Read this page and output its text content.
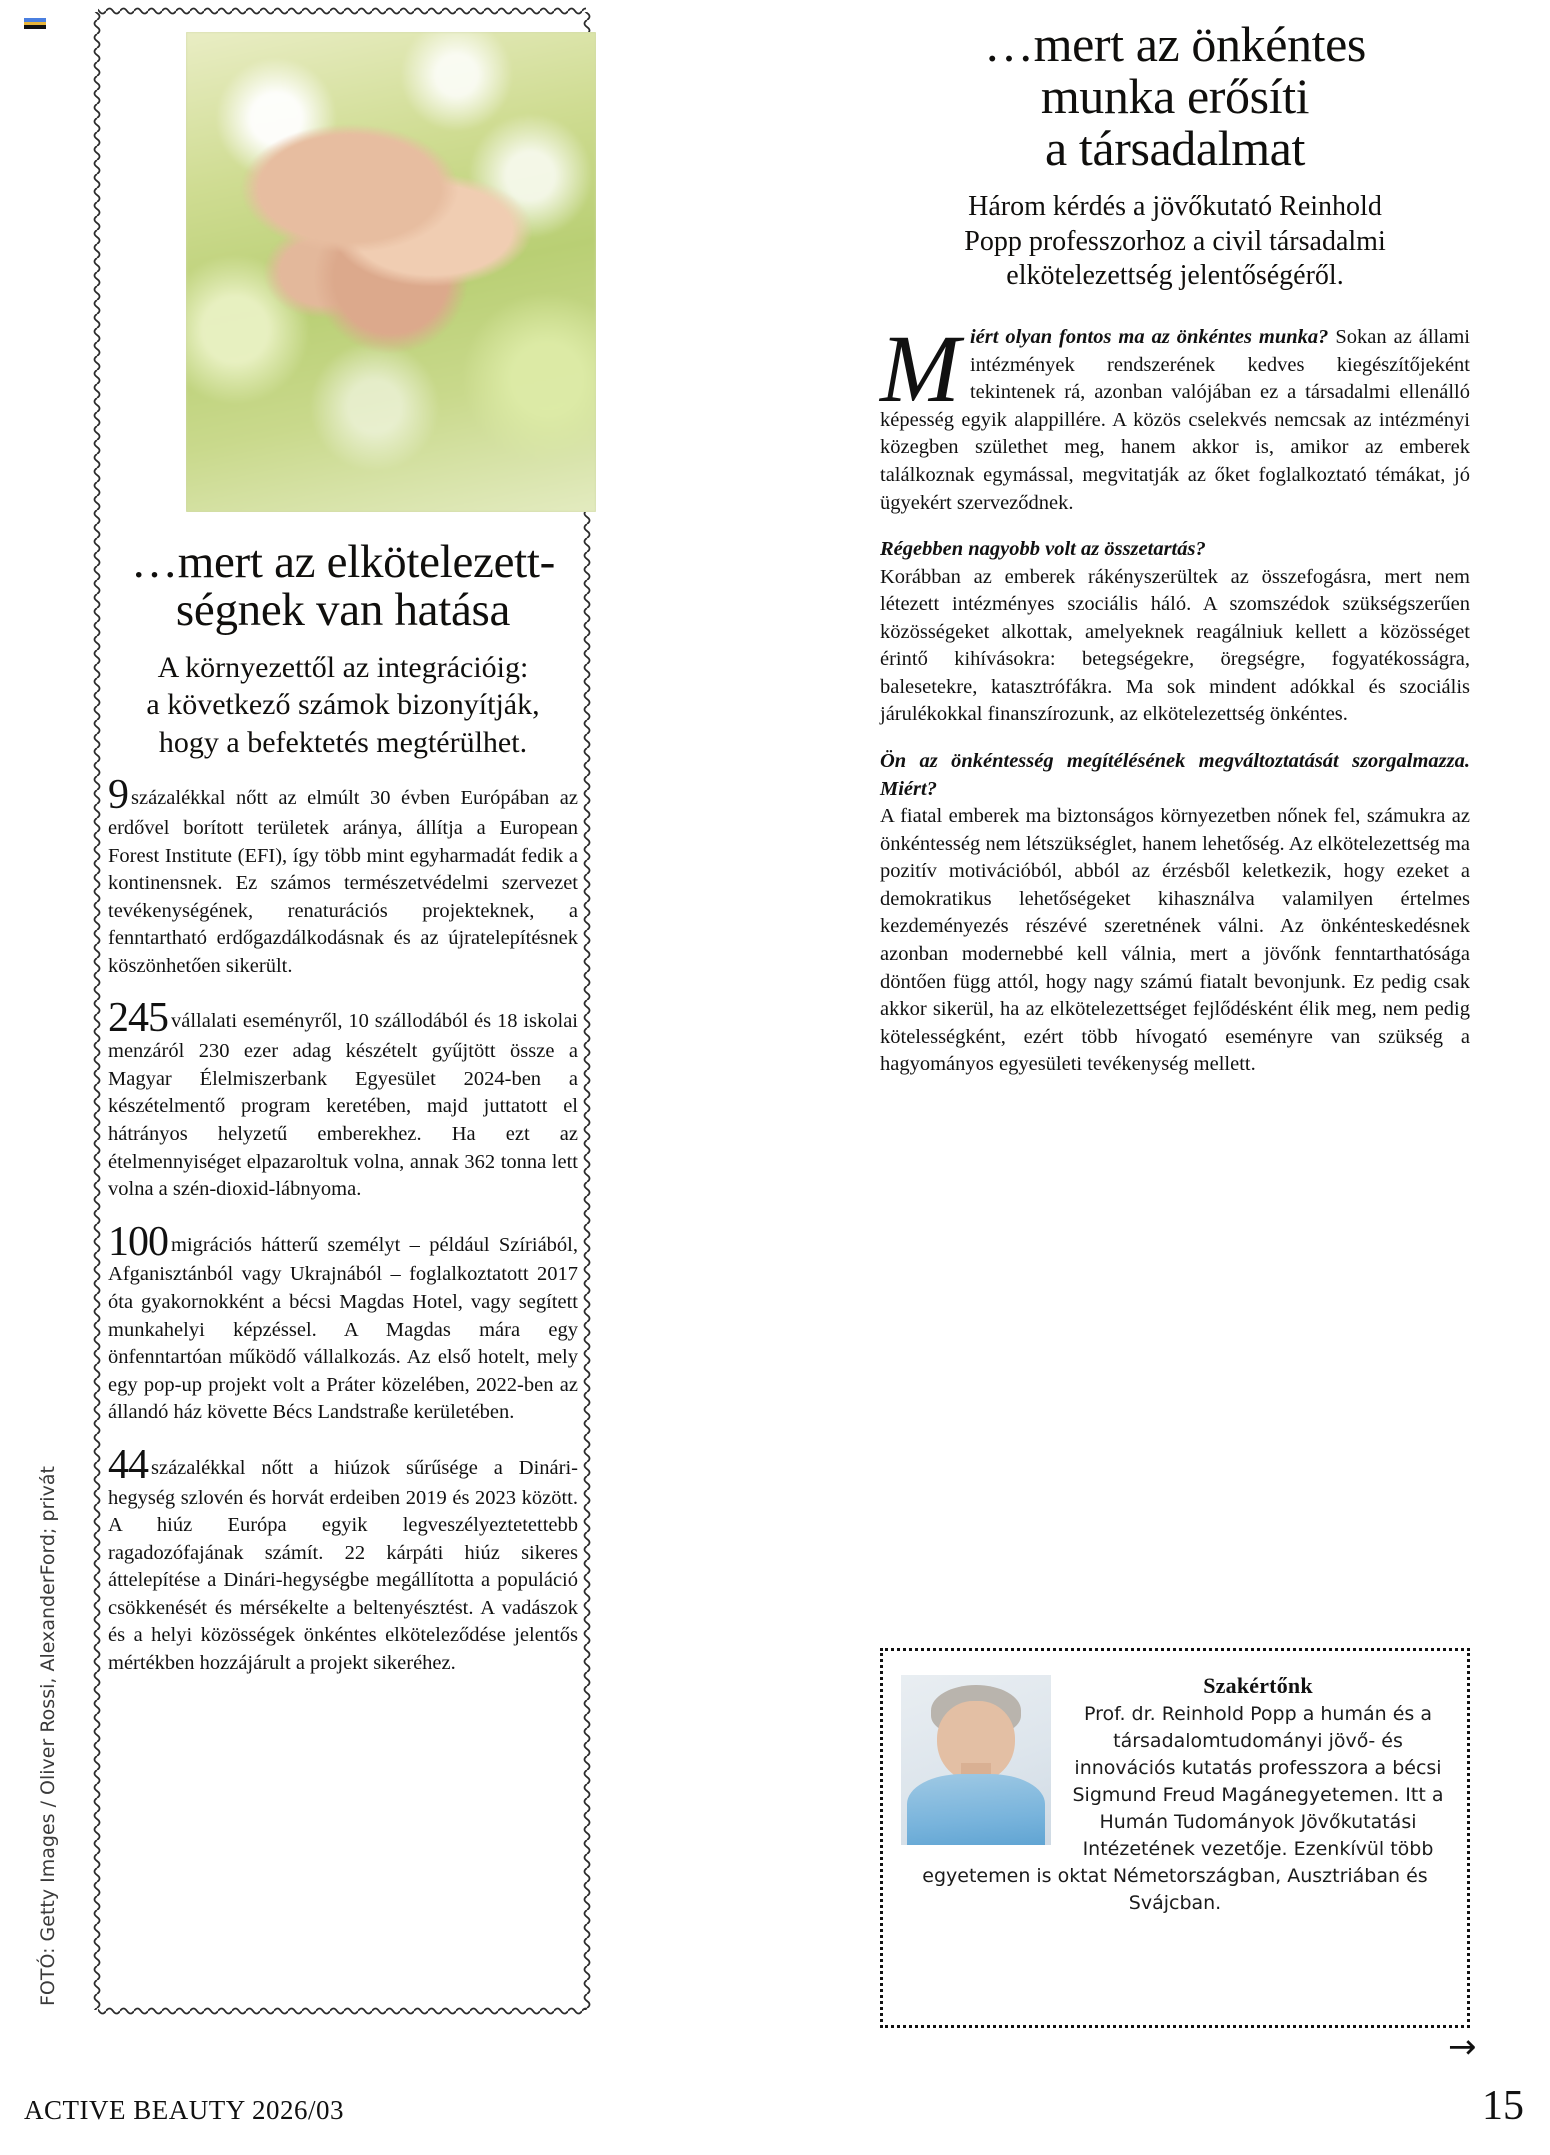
…mert az elkötelezett-
ségnek van hatása

A környezettől az integrációig:
a következő számok bizonyítják,
hogy a befektetés megtérülhet.

9 százalékkal nőtt az elmúlt 30 évben Európában az erdővel borított területek aránya, állítja a European Forest Institute (EFI), így több mint egyharmadát fedik a kontinensnek. Ez számos természetvédelmi szervezet tevékenységének, renaturációs projekteknek, a fenntartható erdőgazdálkodásnak és az újratelepítésnek köszönhetően sikerült.

245 vállalati eseményről, 10 szállodából és 18 iskolai menzáról 230 ezer adag készételt gyűjtött össze a Magyar Élelmiszerbank Egyesület 2024-ben a készételmentő program keretében, majd juttatott el hátrányos helyzetű emberekhez. Ha ezt az ételmennyiséget elpazaroltuk volna, annak 362 tonna lett volna a szén-dioxid-lábnyoma.

100 migrációs hátterű személyt – például Szíriából, Afganisztánból vagy Ukrajnából – foglalkoztatott 2017 óta gyakornokként a bécsi Magdas Hotel, vagy segített munkahelyi képzéssel. A Magdas mára egy önfenntartóan működő vállalkozás. Az első hotelt, mely egy pop-up projekt volt a Práter közelében, 2022-ben az állandó ház követte Bécs Landstraße kerületében.

44 százalékkal nőtt a hiúzok sűrűsége a Dinári-hegység szlovén és horvát erdeiben 2019 és 2023 között. A hiúz Európa egyik legveszélyeztetettebb ragadozófajának számít. 22 kárpáti hiúz sikeres áttelepítése a Dinári-hegységbe megállította a populáció csökkenését és mérsékelte a beltenyésztést. A vadászok és a helyi közösségek önkéntes elköteleződése jelentős mértékben hozzájárult a projekt sikeréhez.

…mert az önkéntes
munka erősíti
a társadalmat

Három kérdés a jövőkutató Reinhold
Popp professzorhoz a civil társadalmi
elkötelezettség jelentőségéről.

Miért olyan fontos ma az önkéntes munka? Sokan az állami intézmények rendszerének kedves kiegészítőjeként tekintenek rá, azonban valójában ez a társadalmi ellenálló képesség egyik alappillére. A közös cselekvés nemcsak az intézményi közegben születhet meg, hanem akkor is, amikor az emberek találkoznak egymással, megvitatják az őket foglalkoztató témákat, jó ügyekért szerveződnek.

Régebben nagyobb volt az összetartás?
Korábban az emberek rákényszerültek az összefogásra, mert nem létezett intézményes szociális háló. A szomszédok szükségszerűen közösségeket alkottak, amelyeknek reagálniuk kellett a közösséget érintő kihívásokra: betegségekre, öregségre, fogyatékosságra, balesetekre, katasztrófákra. Ma sok mindent adókkal és szociális járulékokkal finanszírozunk, az elkötelezettség önkéntes.

Ön az önkéntesség megítélésének megváltoztatását szorgalmazza. Miért?
A fiatal emberek ma biztonságos környezetben nőnek fel, számukra az önkéntesség nem létszükséglet, hanem lehetőség. Az elkötelezettség ma pozitív motivációból, abból az érzésből keletkezik, hogy ezeket a demokratikus lehetőségeket kihasználva valamilyen értelmes kezdeményezés részévé szeretnének válni. Az önkénteskedésnek azonban modernebbé kell válnia, mert a jövőnk fenntarthatósága döntően függ attól, hogy nagy számú fiatalt bevonjunk. Ez pedig csak akkor sikerül, ha az elkötelezettséget fejlődésként élik meg, nem pedig kötelességként, ezért több hívogató eseményre van szükség a hagyományos egyesületi tevékenység mellett.

Szakértőnk

Prof. dr. Reinhold Popp a humán és a társadalomtudományi jövő- és innovációs kutatás professzora a bécsi Sigmund Freud Magánegyetemen. Itt a Humán Tudományok Jövőkutatási Intézetének vezetője. Ezenkívül több egyetemen is oktat Németországban, Ausztriában és Svájcban.

→
ACTIVE BEAUTY 2026/03	15
FOTÓ: Getty Images / Oliver Rossi, AlexanderFord; privát
